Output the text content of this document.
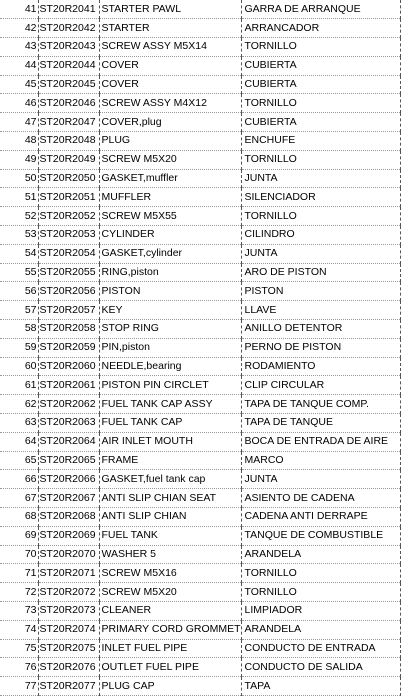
41	ST20R2041	STARTER PAWL	GARRA DE ARRANQUE
42	ST20R2042	STARTER	ARRANCADOR
43	ST20R2043	SCREW ASSY M5X14	TORNILLO
44	ST20R2044	COVER	CUBIERTA
45	ST20R2045	COVER	CUBIERTA
46	ST20R2046	SCREW ASSY M4X12	TORNILLO
47	ST20R2047	COVER,plug	CUBIERTA
48	ST20R2048	PLUG	ENCHUFE
49	ST20R2049	SCREW M5X20	TORNILLO
50	ST20R2050	GASKET,muffler	JUNTA
51	ST20R2051	MUFFLER	SILENCIADOR
52	ST20R2052	SCREW M5X55	TORNILLO
53	ST20R2053	CYLINDER	CILINDRO
54	ST20R2054	GASKET,cylinder	JUNTA
55	ST20R2055	RING,piston	ARO DE PISTON
56	ST20R2056	PISTON	PISTON
57	ST20R2057	KEY	LLAVE
58	ST20R2058	STOP RING	ANILLO DETENTOR
59	ST20R2059	PIN,piston	PERNO DE PISTON
60	ST20R2060	NEEDLE,bearing	RODAMIENTO
61	ST20R2061	PISTON PIN CIRCLET	CLIP CIRCULAR
62	ST20R2062	FUEL TANK CAP ASSY	TAPA DE TANQUE COMP.
63	ST20R2063	FUEL TANK CAP	TAPA DE TANQUE
64	ST20R2064	AIR INLET MOUTH	BOCA DE ENTRADA DE AIRE
65	ST20R2065	FRAME	MARCO
66	ST20R2066	GASKET,fuel tank cap	JUNTA
67	ST20R2067	ANTI SLIP CHIAN SEAT	ASIENTO DE CADENA
68	ST20R2068	ANTI SLIP CHIAN	CADENA ANTI DERRAPE
69	ST20R2069	FUEL TANK	TANQUE DE COMBUSTIBLE
70	ST20R2070	WASHER 5	ARANDELA
71	ST20R2071	SCREW M5X16	TORNILLO
72	ST20R2072	SCREW M5X20	TORNILLO
73	ST20R2073	CLEANER	LIMPIADOR
74	ST20R2074	PRIMARY CORD GROMMET	ARANDELA
75	ST20R2075	INLET FUEL PIPE	CONDUCTO DE ENTRADA
76	ST20R2076	OUTLET FUEL PIPE	CONDUCTO DE SALIDA
77	ST20R2077	PLUG CAP	TAPA
